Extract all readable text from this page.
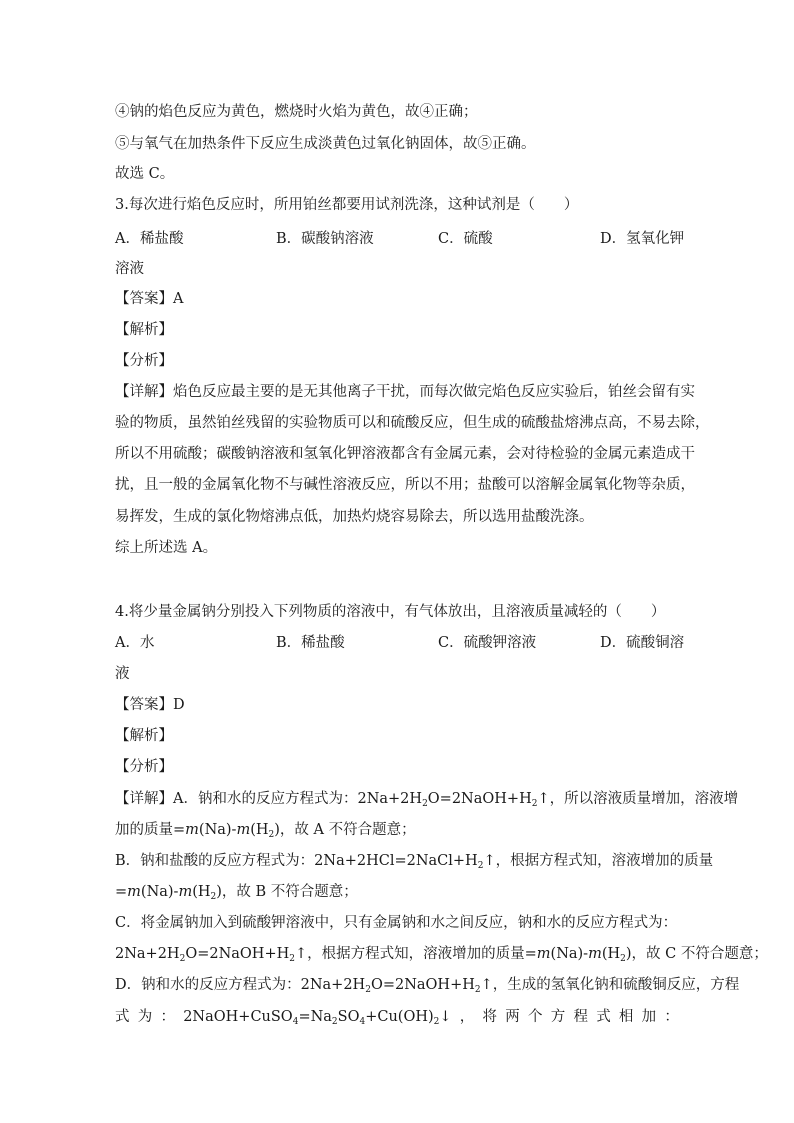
④钠的焰色反应为黄色，燃烧时火焰为黄色，故④正确；
⑤与氧气在加热条件下反应生成淡黄色过氧化钠固体，故⑤正确。
故选 C。
3.每次进行焰色反应时，所用铂丝都要用试剂洗涤，这种试剂是（　　）
A．稀盐酸	B．碳酸钠溶液	C．硫酸	D．氢氧化钾
溶液
【答案】A
【解析】
【分析】
【详解】焰色反应最主要的是无其他离子干扰，而每次做完焰色反应实验后，铂丝会留有实
验的物质，虽然铂丝残留的实验物质可以和硫酸反应，但生成的硫酸盐熔沸点高，不易去除，
所以不用硫酸；碳酸钠溶液和氢氧化钾溶液都含有金属元素，会对待检验的金属元素造成干
扰，且一般的金属氧化物不与碱性溶液反应，所以不用；盐酸可以溶解金属氧化物等杂质，
易挥发，生成的氯化物熔沸点低，加热灼烧容易除去，所以选用盐酸洗涤。
综上所述选 A。
4.将少量金属钠分别投入下列物质的溶液中，有气体放出，且溶液质量减轻的（　　）
A．水	B．稀盐酸	C．硫酸钾溶液	D．硫酸铜溶
液
【答案】D
【解析】
【分析】
【详解】A．钠和水的反应方程式为：$2Na+2H_2O=2NaOH+H_2↑$，所以溶液质量增加，溶液增
加的质量$=m(Na)-m(H_2)$，故 A 不符合题意；
B．钠和盐酸的反应方程式为：$2Na+2HCl=2NaCl+H_2↑$，根据方程式知，溶液增加的质量
$=m(Na)-m(H_2)$，故 B 不符合题意；
C．将金属钠加入到硫酸钾溶液中，只有金属钠和水之间反应，钠和水的反应方程式为：
$2Na+2H_2O=2NaOH+H_2↑$，根据方程式知，溶液增加的质量$=m(Na)-m(H_2)$，故 C 不符合题意；
D．钠和水的反应方程式为：$2Na+2H_2O=2NaOH+H_2↑$，生成的氢氧化钠和硫酸铜反应，方程
式 为 ： $2NaOH+CuSO_4=Na_2SO_4+Cu(OH)_2↓$ ， 将 两 个 方 程 式 相 加 ：
